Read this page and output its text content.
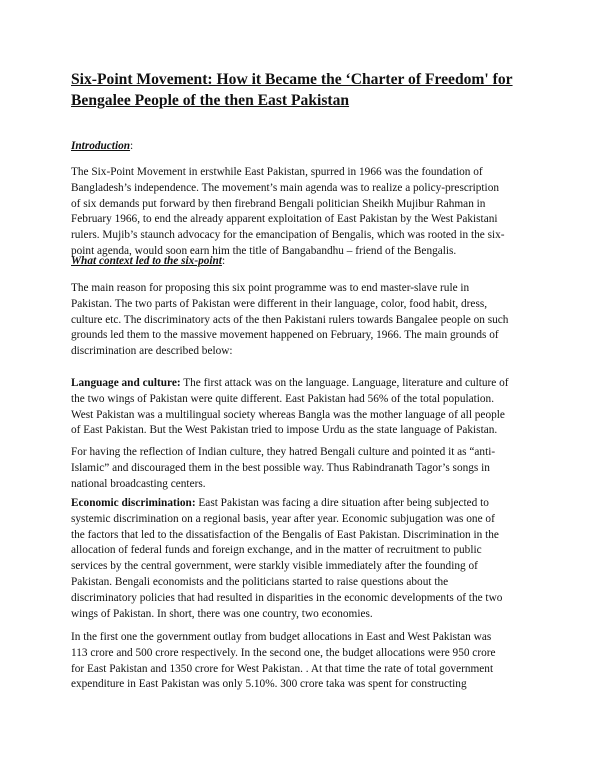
Six-Point Movement: How it Became the ‘Charter of Freedom' for
Bengalee People of the then East Pakistan
Introduction:
The Six-Point Movement in erstwhile East Pakistan, spurred in 1966 was the foundation of
Bangladesh’s independence. The movement’s main agenda was to realize a policy-prescription
of six demands put forward by then firebrand Bengali politician Sheikh Mujibur Rahman in
February 1966, to end the already apparent exploitation of East Pakistan by the West Pakistani
rulers. Mujib’s staunch advocacy for the emancipation of Bengalis, which was rooted in the six-
point agenda, would soon earn him the title of Bangabandhu – friend of the Bengalis.
What context led to the six-point:
The main reason for proposing this six point programme was to end master-slave rule in
Pakistan. The two parts of Pakistan were different in their language, color, food habit, dress,
culture etc. The discriminatory acts of the then Pakistani rulers towards Bangalee people on such
grounds led them to the massive movement happened on February, 1966. The main grounds of
discrimination are described below:
Language and culture: The first attack was on the language. Language, literature and culture of
the two wings of Pakistan were quite different. East Pakistan had 56% of the total population.
West Pakistan was a multilingual society whereas Bangla was the mother language of all people
of East Pakistan. But the West Pakistan tried to impose Urdu as the state language of Pakistan.
For having the reflection of Indian culture, they hatred Bengali culture and pointed it as “anti-
Islamic” and discouraged them in the best possible way. Thus Rabindranath Tagor’s songs in
national broadcasting centers.
Economic discrimination: East Pakistan was facing a dire situation after being subjected to
systemic discrimination on a regional basis, year after year. Economic subjugation was one of
the factors that led to the dissatisfaction of the Bengalis of East Pakistan. Discrimination in the
allocation of federal funds and foreign exchange, and in the matter of recruitment to public
services by the central government, were starkly visible immediately after the founding of
Pakistan. Bengali economists and the politicians started to raise questions about the
discriminatory policies that had resulted in disparities in the economic developments of the two
wings of Pakistan. In short, there was one country, two economies.
In the first one the government outlay from budget allocations in East and West Pakistan was
113 crore and 500 crore respectively. In the second one, the budget allocations were 950 crore
for East Pakistan and 1350 crore for West Pakistan. . At that time the rate of total government
expenditure in East Pakistan was only 5.10%. 300 crore taka was spent for constructing
